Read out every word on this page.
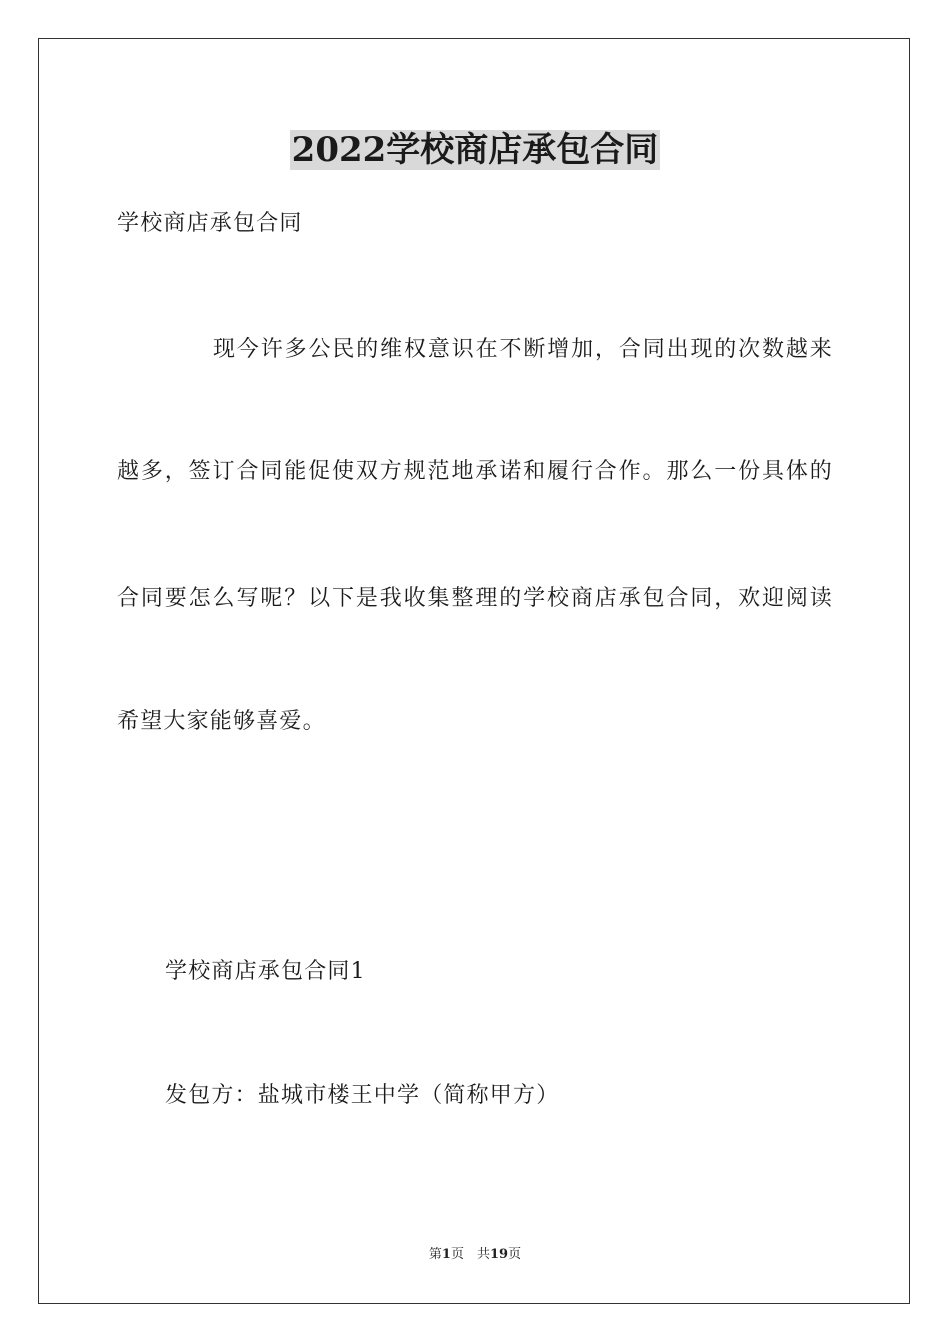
2022学校商店承包合同

学校商店承包合同

现今许多公民的维权意识在不断增加，合同出现的次数越来

越多，签订合同能促使双方规范地承诺和履行合作。那么一份具体的

合同要怎么写呢？以下是我收集整理的学校商店承包合同，欢迎阅读

希望大家能够喜爱。

学校商店承包合同1

发包方：盐城市楼王中学（简称甲方）

第1页　共19页
